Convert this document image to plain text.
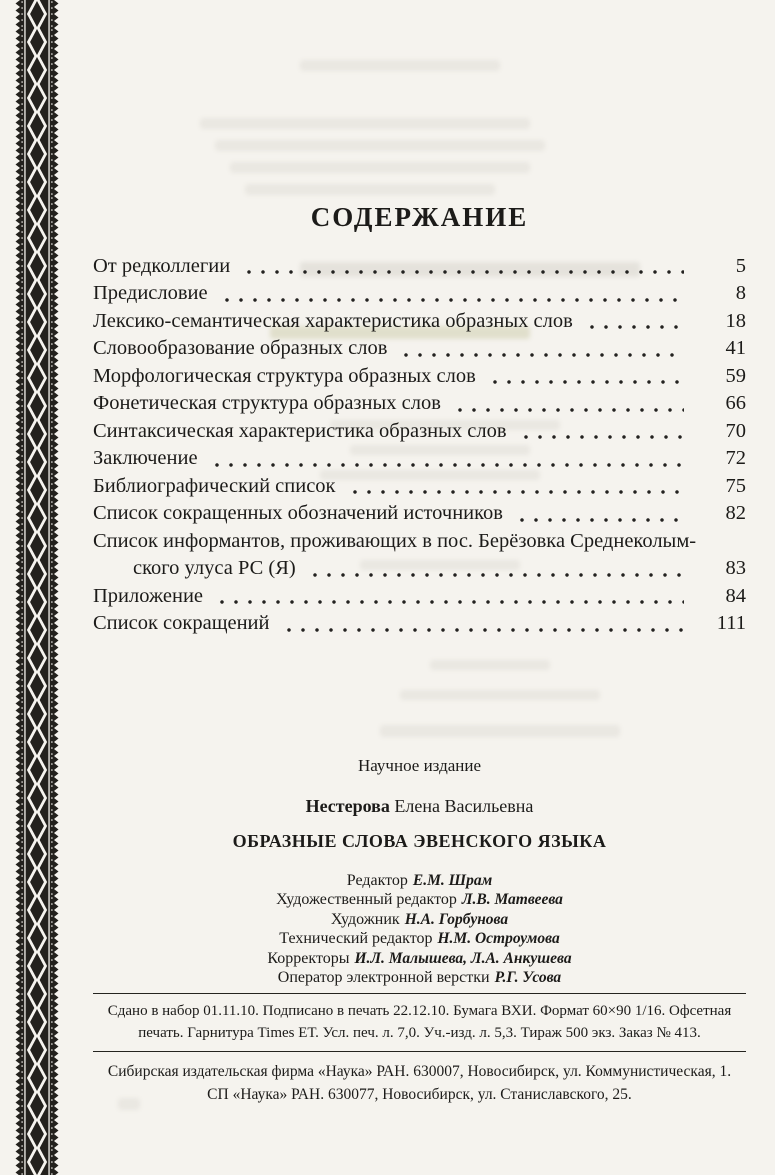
СОДЕРЖАНИЕ
От редколлегии	5
Предисловие	8
Лексико-семантическая характеристика образных слов	18
Словообразование образных слов	41
Морфологическая структура образных слов	59
Фонетическая структура образных слов	66
Синтаксическая характеристика образных слов	70
Заключение	72
Библиографический список	75
Список сокращенных обозначений источников	82
Список информантов, проживающих в пос. Берёзовка Среднеколым-
ского улуса РС (Я)	83
Приложение	84
Список сокращений	111
Научное издание
Нестерова Елена Васильевна
ОБРАЗНЫЕ СЛОВА ЭВЕНСКОГО ЯЗЫКА
Редактор Е.М. Шрам
Художественный редактор Л.В. Матвеева
Художник Н.А. Горбунова
Технический редактор Н.М. Остроумова
Корректоры И.Л. Малышева, Л.А. Анкушева
Оператор электронной верстки Р.Г. Усова
Сдано в набор 01.11.10. Подписано в печать 22.12.10. Бумага ВХИ. Формат 60×90 1/16. Офсетная
печать. Гарнитура Times ЕТ. Усл. печ. л. 7,0. Уч.-изд. л. 5,3. Тираж 500 экз. Заказ № 413.
Сибирская издательская фирма «Наука» РАН. 630007, Новосибирск, ул. Коммунистическая, 1.
СП «Наука» РАН. 630077, Новосибирск, ул. Станиславского, 25.
